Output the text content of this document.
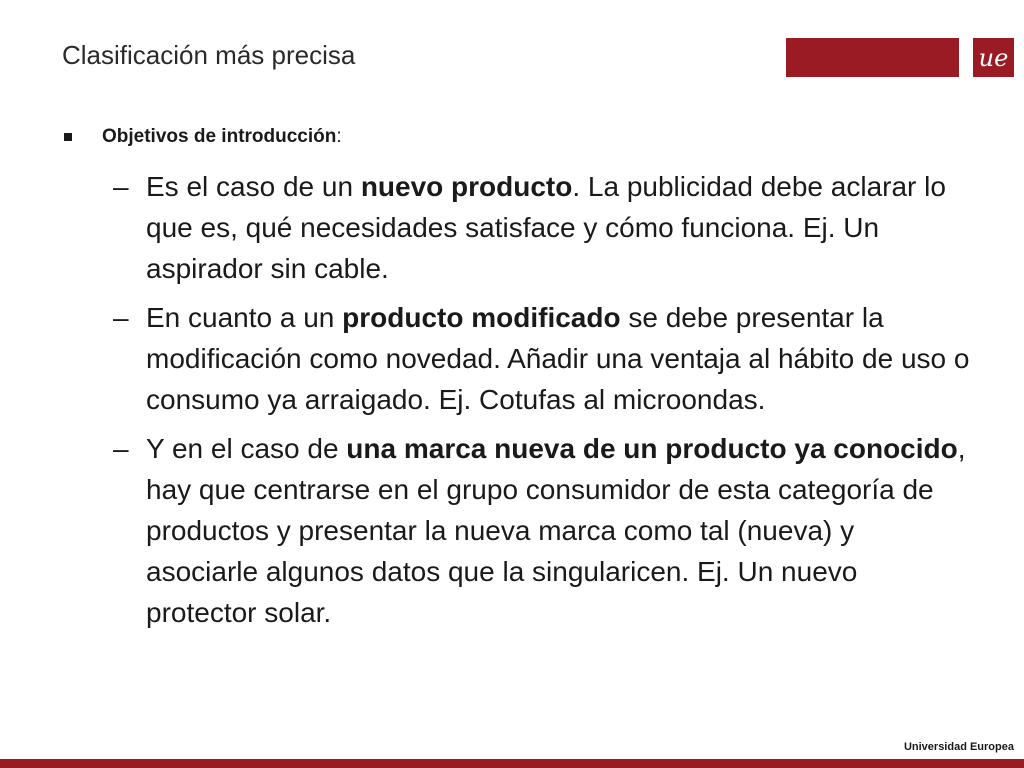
Clasificación más precisa	ue
Objetivos de introducción :
– Es el caso de un nuevo producto. La publicidad debe aclarar lo que es, qué necesidades satisface y cómo funciona. Ej. Un aspirador sin cable.
– En cuanto a un producto modificado se debe presentar la modificación como novedad. Añadir una ventaja al hábito de uso o consumo ya arraigado. Ej. Cotufas al microondas.
– Y en el caso de una marca nueva de un producto ya conocido, hay que centrarse en el grupo consumidor de esta categoría de productos y presentar la nueva marca como tal (nueva) y asociarle algunos datos que la singularicen. Ej. Un nuevo protector solar.
Universidad Europea
